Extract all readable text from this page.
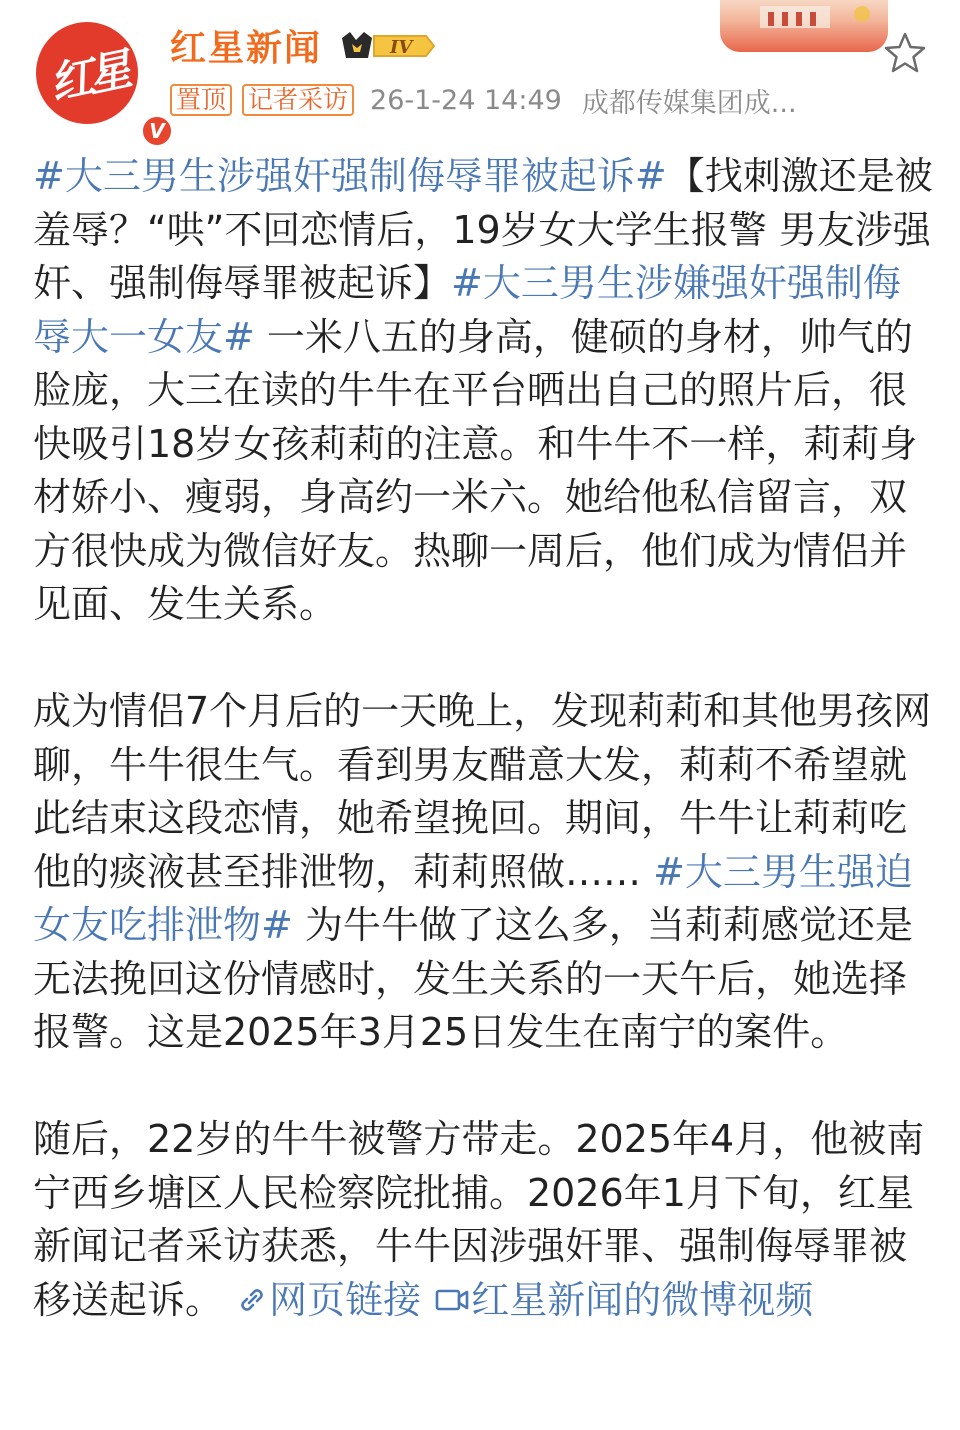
红星
V
红星新闻	IV
置顶 记者采访 26-1-24 14:49 成都传媒集团成...
#大三男生涉强奸强制侮辱罪被起诉#【找刺激还是被羞辱？“哄”不回恋情后，19岁女大学生报警 男友涉强奸、强制侮辱罪被起诉】#大三男生涉嫌强奸强制侮辱大一女友# 一米八五的身高，健硕的身材，帅气的脸庞，大三在读的牛牛在平台晒出自己的照片后，很快吸引18岁女孩莉莉的注意。和牛牛不一样，莉莉身材娇小、瘦弱，身高约一米六。她给他私信留言，双方很快成为微信好友。热聊一周后，他们成为情侣并见面、发生关系。
成为情侣7个月后的一天晚上，发现莉莉和其他男孩网聊，牛牛很生气。看到男友醋意大发，莉莉不希望就此结束这段恋情，她希望挽回。期间，牛牛让莉莉吃他的痰液甚至排泄物，莉莉照做…… #大三男生强迫女友吃排泄物# 为牛牛做了这么多，当莉莉感觉还是无法挽回这份情感时，发生关系的一天午后，她选择报警。这是2025年3月25日发生在南宁的案件。
随后，22岁的牛牛被警方带走。2025年4月，他被南宁西乡塘区人民检察院批捕。2026年1月下旬，红星新闻记者采访获悉，牛牛因涉强奸罪、强制侮辱罪被移送起诉。 网页链接 红星新闻的微博视频
